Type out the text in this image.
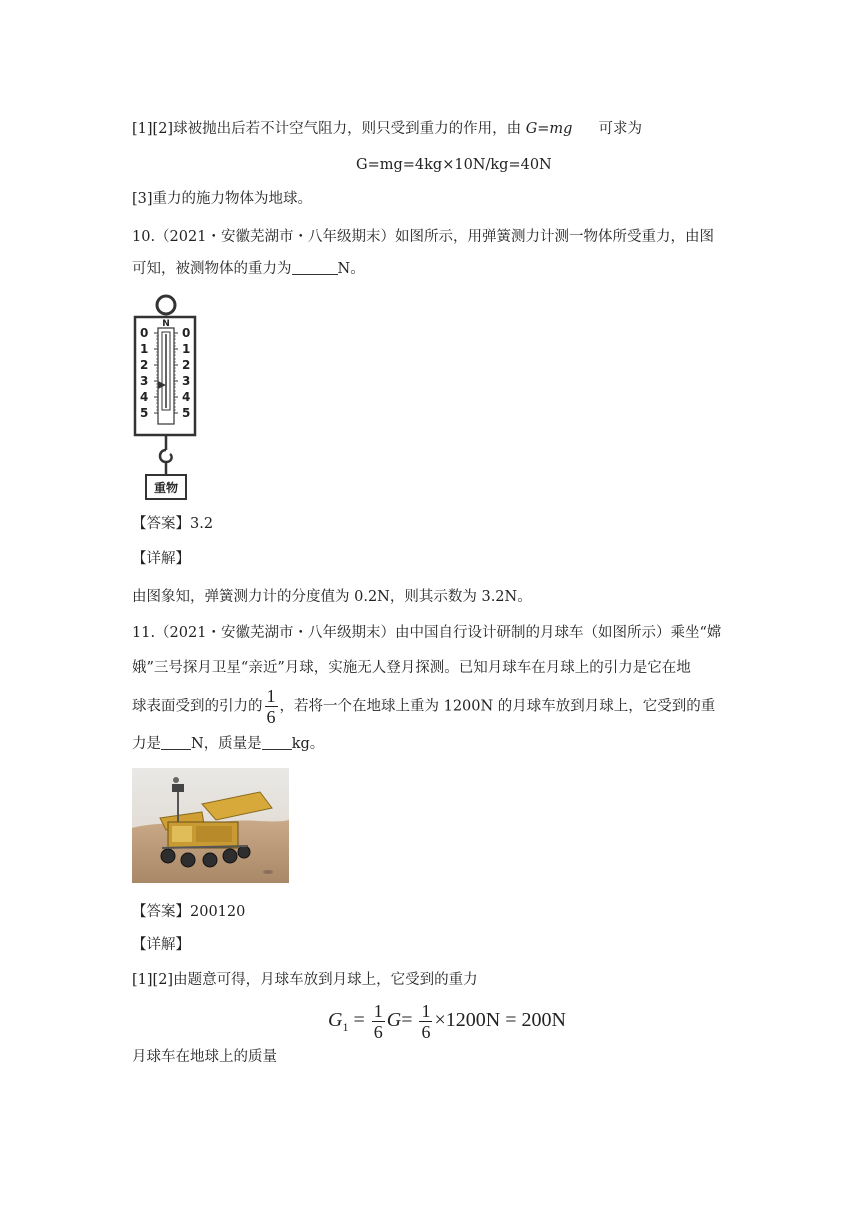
[1][2]球被抛出后若不计空气阻力，则只受到重力的作用，由 G=mg 可求为
G=mg=4kg×10N/kg=40N
[3]重力的施力物体为地球。
10.（2021・安徽芜湖市・八年级期末）如图所示，用弹簧测力计测一物体所受重力，由图
可知，被测物体的重力为	N。
N
0
1
2
3
4
5
0
1
2
3
4
5
重物
【答案】3.2
【详解】
由图象知，弹簧测力计的分度值为 0.2N，则其示数为 3.2N。
11.（2021・安徽芜湖市・八年级期末）由中国自行设计研制的月球车（如图所示）乘坐“嫦
娥”三号探月卫星“亲近”月球，实施无人登月探测。已知月球车在月球上的引力是它在地
球表面受到的引力的 $\frac{1}{6}$ ，若将一个在地球上重为 1200N 的月球车放到月球上，它受到的重
力是 N，质量是 kg。
【答案】200120
【详解】
[1][2]由题意可得，月球车放到月球上，它受到的重力
$G_1 = \frac{1}{6} G= \frac{1}{6} \times 1200N = 200N$
月球车在地球上的质量
